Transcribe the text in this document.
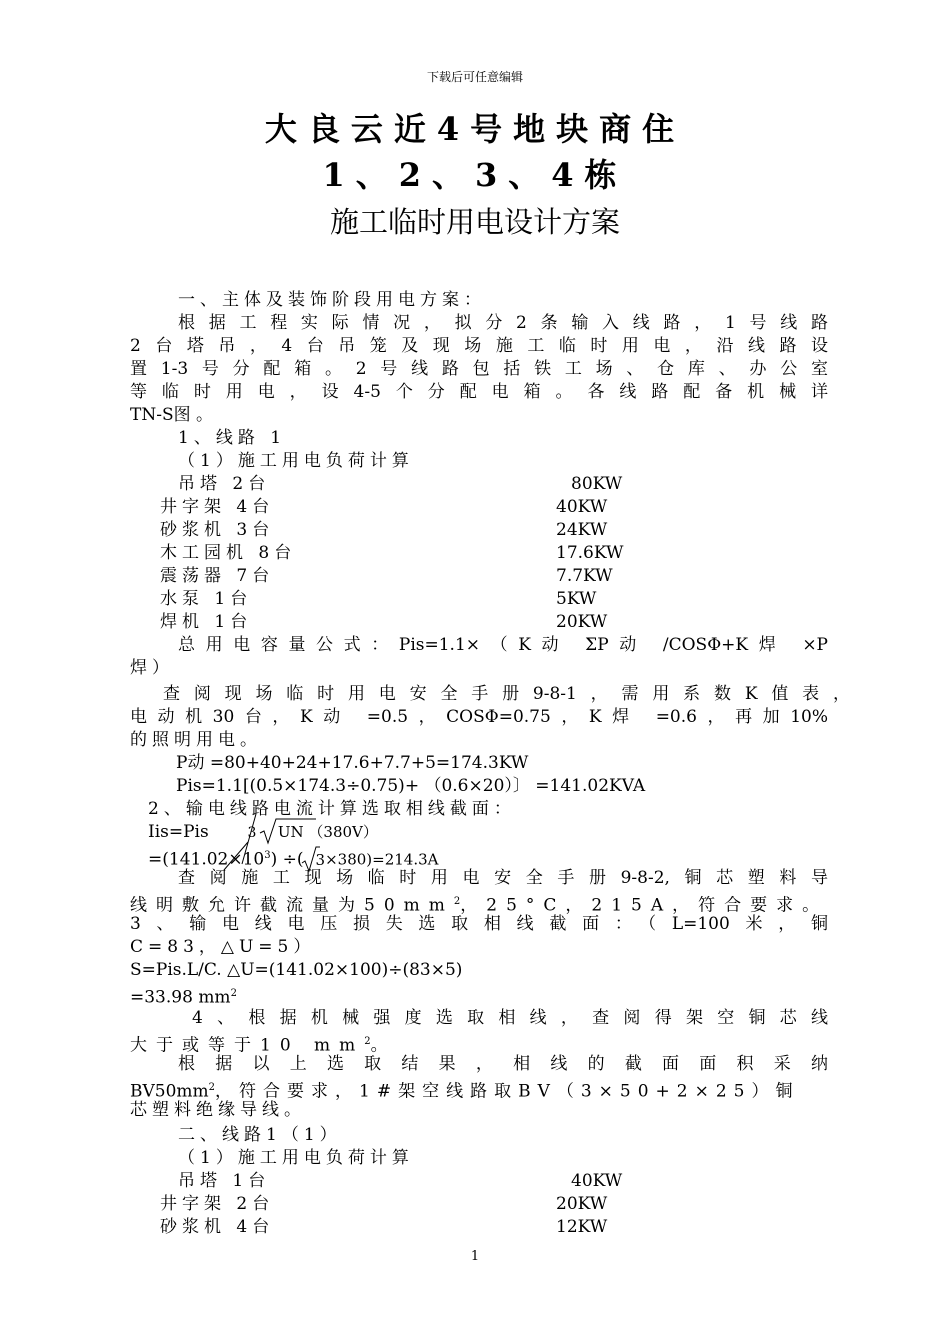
下载后可任意编辑
大良云近4号地块商住
1、2、3、4栋
施工临时用电设计方案
一、主体及装饰阶段用电方案：
根据工程实际情况，拟分2条输入线路，1号线路
2台塔吊，4台吊笼及现场施工临时用电，沿线路设
置1-3号分配箱。2号线路包括铁工场、仓库、办公室
等临时用电，设4-5个分配电箱。各线路配备机械详
TN-S图 。
1、线路 1
（1）施工用电负荷计算
吊塔 2台	80KW
井字架 4台	40KW
砂浆机 3台	24KW
木工园机 8台	17.6KW
震荡器 7台	7.7KW
水泵 1台	5KW
焊机 1台	20KW
总用电容量公式：Pis=1.1×（K动 ΣP动 /COSΦ+K焊 ×P
焊）
查阅现场临时用电安全手册9-8-1，需用系数K值表，
电动机30台，K动 =0.5，COSΦ=0.75，K焊 =0.6，再加10%
的照明用电。
P动 =80+40+24+17.6+7.7+5=174.3KW
Pis=1.1[(0.5×174.3÷0.75)+ （0.6×20）〕 =141.02KVA
2、输电线路电流计算选取相线截面：
Iis=Pis	3 UN （380V）
$=(141.02\times 10^3)$ ÷( 3×380)=214.3A
查阅施工现场临时用电安全手册9-8-2,铜芯塑料导
线明敷允许截流量为$50mm^2$，25°C，215A，符合要求。
3、输电线电压损失选取相线截面：（L=100米，铜
C=83，△U=5）
S=Pis.L/C. △U=(141.02×100)÷(83×5)
=33.98 $mm^2$
4、根据机械强度选取相线，查阅得架空铜芯线
大于或等于10 $mm^2$。
根据以上选取结果，相线的截面面积采纳
$BV50mm^2$，符合要求，1#架空线路取BV（3×50+2×25）铜
芯塑料绝缘导线。
二、线路1（1）
（1）施工用电负荷计算
吊塔 1台	40KW
井字架 2台	20KW
砂浆机 4台	12KW
1
